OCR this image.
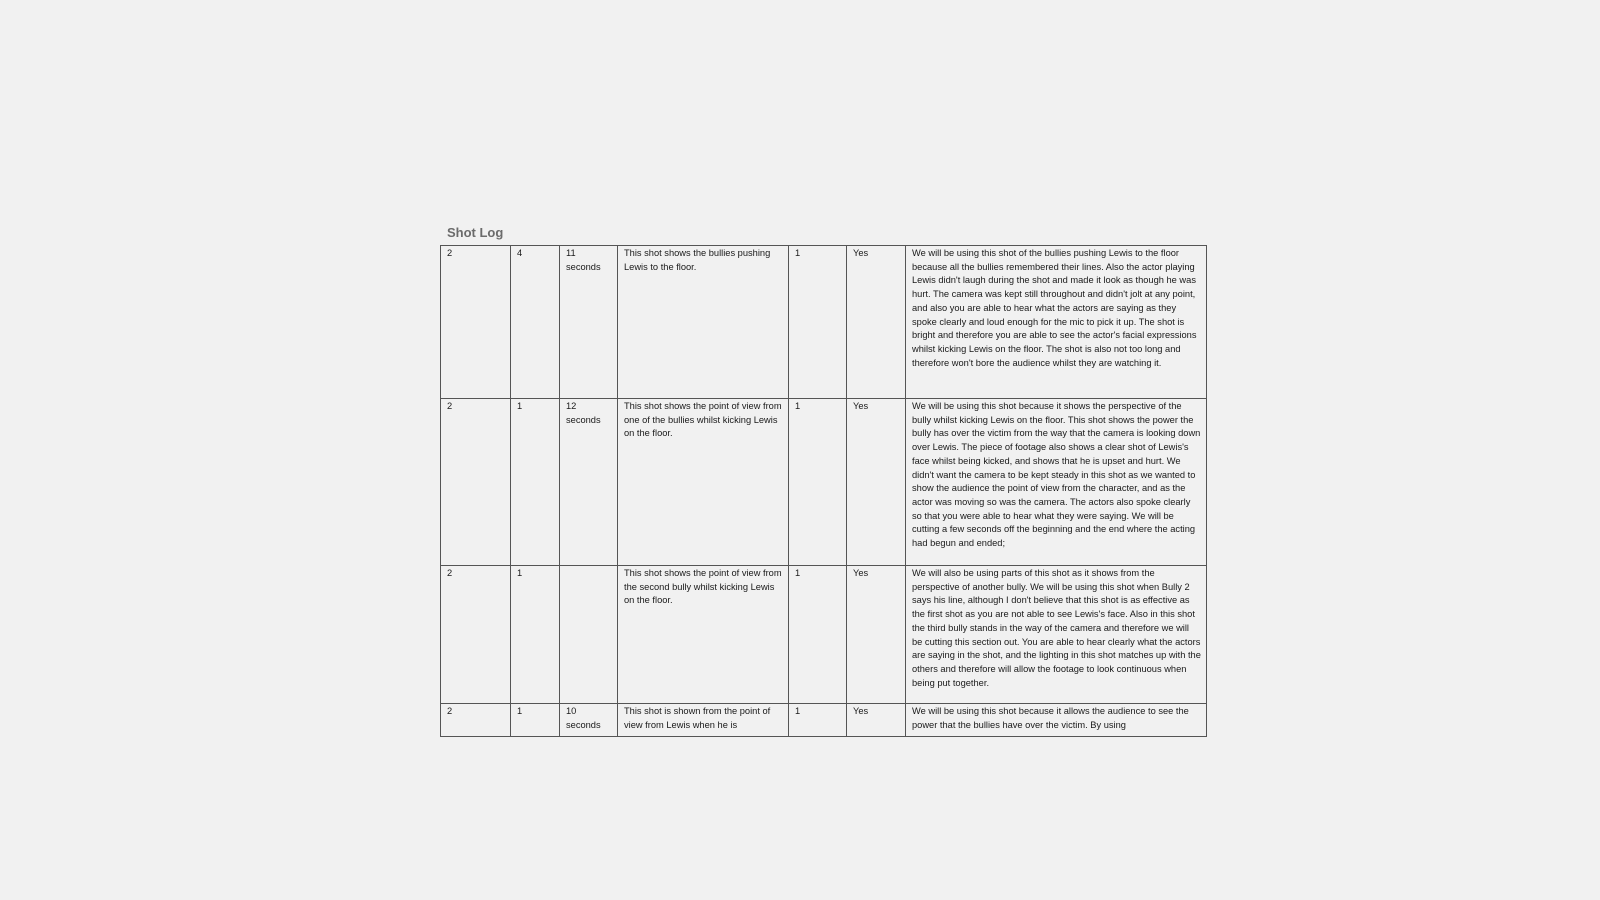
Shot Log
2	4	11 seconds	This shot shows the bullies pushing Lewis to the floor.	1	Yes	We will be using this shot of the bullies pushing Lewis to the floor because all the bullies remembered their lines. Also the actor playing Lewis didn't laugh during the shot and made it look as though he was hurt. The camera was kept still throughout and didn't jolt at any point, and also you are able to hear what the actors are saying as they spoke clearly and loud enough for the mic to pick it up. The shot is bright and therefore you are able to see the actor's facial expressions whilst kicking Lewis on the floor. The shot is also not too long and therefore won't bore the audience whilst they are watching it.

2	1	12 seconds	This shot shows the point of view from one of the bullies whilst kicking Lewis on the floor.	1	Yes	We will be using this shot because it shows the perspective of the bully whilst kicking Lewis on the floor. This shot shows the power the bully has over the victim from the way that the camera is looking down over Lewis. The piece of footage also shows a clear shot of Lewis's face whilst being kicked, and shows that he is upset and hurt. We didn't want the camera to be kept steady in this shot as we wanted to show the audience the point of view from the character, and as the actor was moving so was the camera. The actors also spoke clearly so that you were able to hear what they were saying. We will be cutting a few seconds off the beginning and the end where the acting had begun and ended;

2	1		This shot shows the point of view from the second bully whilst kicking Lewis on the floor.	1	Yes	We will also be using parts of this shot as it shows from the perspective of another bully. We will be using this shot when Bully 2 says his line, although I don't believe that this shot is as effective as the first shot as you are not able to see Lewis's face. Also in this shot the third bully stands in the way of the camera and therefore we will be cutting this section out. You are able to hear clearly what the actors are saying in the shot, and the lighting in this shot matches up with the others and therefore will allow the footage to look continuous when being put together.

2	1	10 seconds	This shot is shown from the point of view from Lewis when he is	1	Yes	We will be using this shot because it allows the audience to see the power that the bullies have over the victim. By using
